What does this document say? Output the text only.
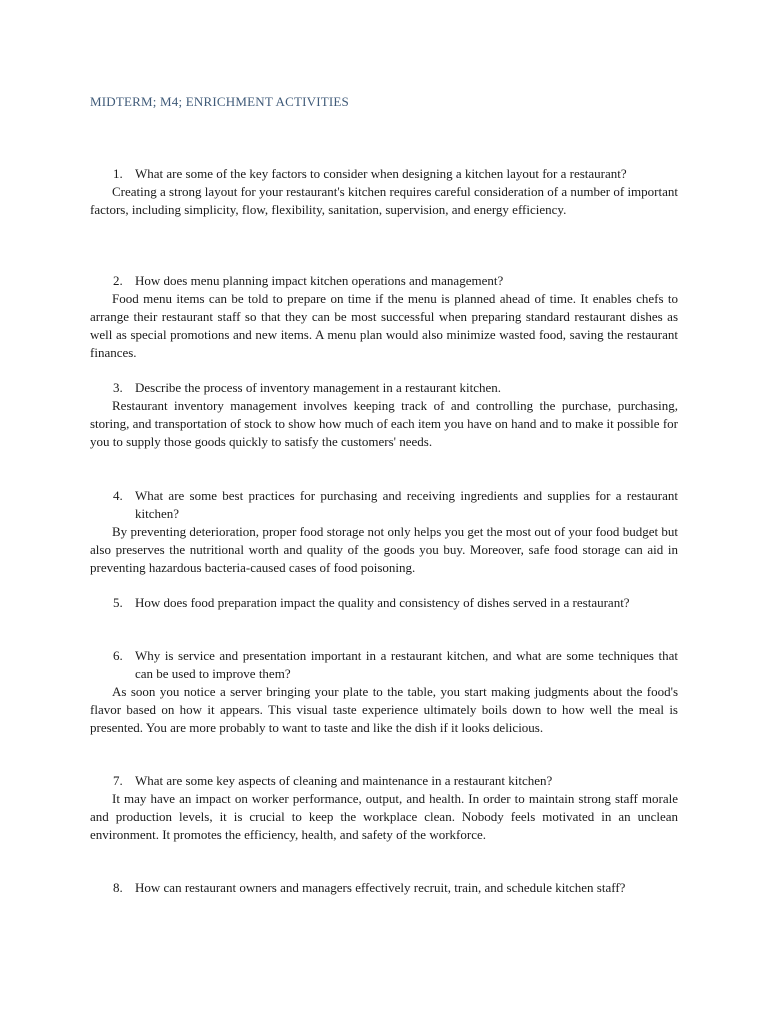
MIDTERM; M4; ENRICHMENT ACTIVITIES
1. What are some of the key factors to consider when designing a kitchen layout for a restaurant?
Creating a strong layout for your restaurant's kitchen requires careful consideration of a number of important factors, including simplicity, flow, flexibility, sanitation, supervision, and energy efficiency.
2. How does menu planning impact kitchen operations and management?
Food menu items can be told to prepare on time if the menu is planned ahead of time. It enables chefs to arrange their restaurant staff so that they can be most successful when preparing standard restaurant dishes as well as special promotions and new items. A menu plan would also minimize wasted food, saving the restaurant finances.
3. Describe the process of inventory management in a restaurant kitchen.
Restaurant inventory management involves keeping track of and controlling the purchase, purchasing, storing, and transportation of stock to show how much of each item you have on hand and to make it possible for you to supply those goods quickly to satisfy the customers' needs.
4. What are some best practices for purchasing and receiving ingredients and supplies for a restaurant kitchen?
By preventing deterioration, proper food storage not only helps you get the most out of your food budget but also preserves the nutritional worth and quality of the goods you buy. Moreover, safe food storage can aid in preventing hazardous bacteria-caused cases of food poisoning.
5. How does food preparation impact the quality and consistency of dishes served in a restaurant?
6. Why is service and presentation important in a restaurant kitchen, and what are some techniques that can be used to improve them?
As soon you notice a server bringing your plate to the table, you start making judgments about the food's flavor based on how it appears. This visual taste experience ultimately boils down to how well the meal is presented. You are more probably to want to taste and like the dish if it looks delicious.
7. What are some key aspects of cleaning and maintenance in a restaurant kitchen?
It may have an impact on worker performance, output, and health. In order to maintain strong staff morale and production levels, it is crucial to keep the workplace clean. Nobody feels motivated in an unclean environment. It promotes the efficiency, health, and safety of the workforce.
8. How can restaurant owners and managers effectively recruit, train, and schedule kitchen staff?
